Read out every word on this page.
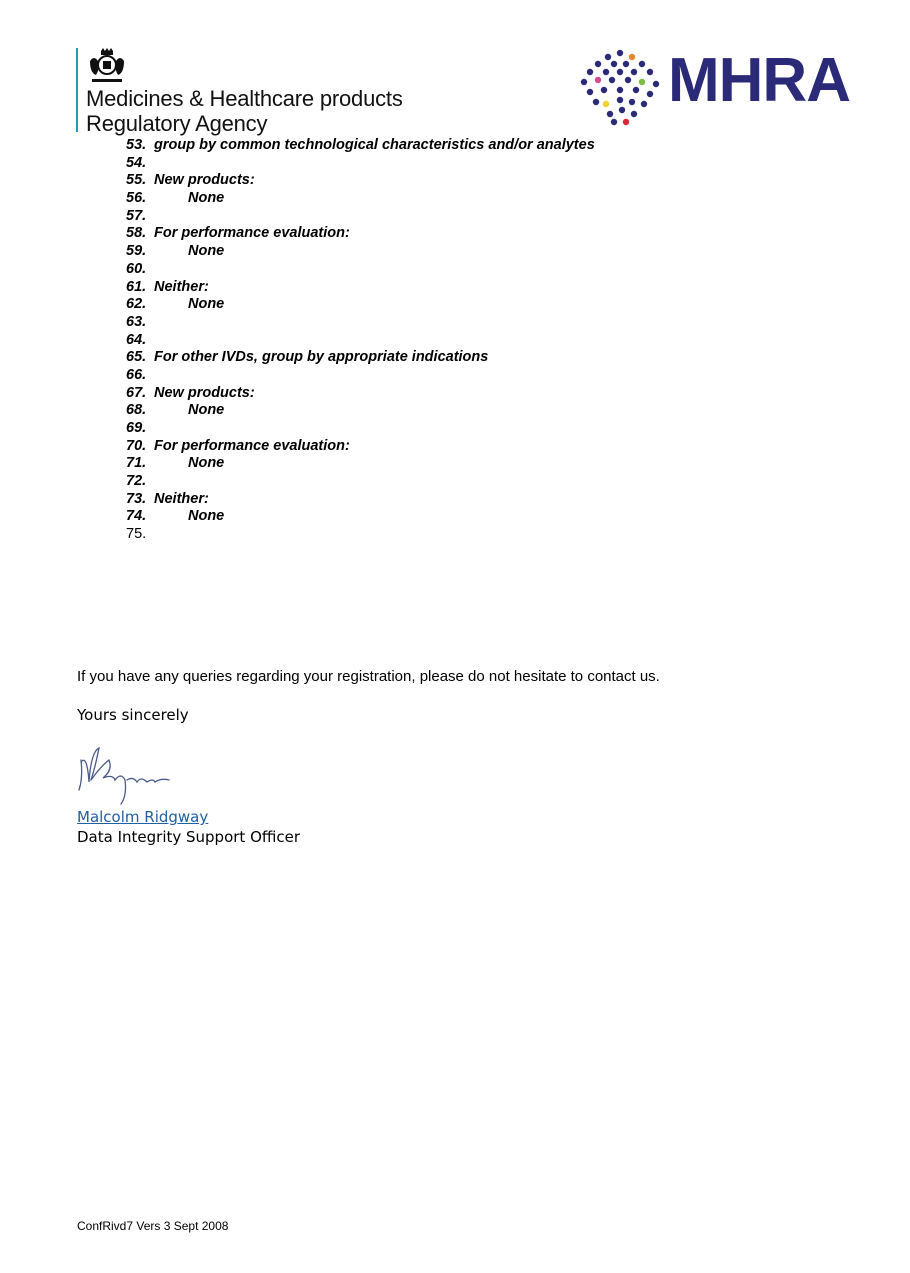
Medicines & Healthcare products
Regulatory Agency
MHRA
53. group by common technological characteristics and/or analytes
54.
55. New products:
56.	None
57.
58. For performance evaluation:
59.	None
60.
61. Neither:
62.	None
63.
64.
65. For other IVDs, group by appropriate indications
66.
67. New products:
68.	None
69.
70. For performance evaluation:
71.	None
72.
73. Neither:
74.	None
75.
If you have any queries regarding your registration, please do not hesitate to contact us.
Yours sincerely
Malcolm Ridgway
Data Integrity Support Officer
ConfRivd7 Vers 3 Sept 2008
